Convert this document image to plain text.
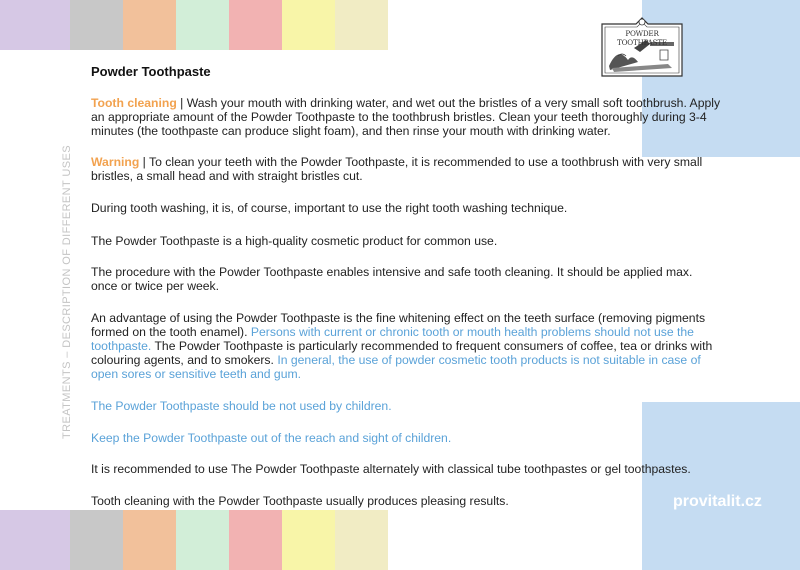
TREATMENTS – DESCRIPTION OF DIFFERENT USES
POWDER TOOTHPASTE
Powder Toothpaste
Tooth cleaning | Wash your mouth with drinking water, and wet out the bristles of a very small soft toothbrush. Apply an appropriate amount of the Powder Toothpaste to the toothbrush bristles. Clean your teeth thoroughly during 3-4 minutes (the toothpaste can produce slight foam), and then rinse your mouth with drinking water.
Warning | To clean your teeth with the Powder Toothpaste, it is recommended to use a toothbrush with very small bristles, a small head and with straight bristles cut.
During tooth washing, it is, of course, important to use the right tooth washing technique.
The Powder Toothpaste is a high-quality cosmetic product for common use.
The procedure with the Powder Toothpaste enables intensive and safe tooth cleaning. It should be applied max. once or twice per week.
An advantage of using the Powder Toothpaste is the fine whitening effect on the teeth surface (removing pigments formed on the tooth enamel). Persons with current or chronic tooth or mouth health problems should not use the toothpaste. The Powder Toothpaste is particularly recommended to frequent consumers of coffee, tea or drinks with colouring agents, and to smokers. In general, the use of powder cosmetic tooth products is not suitable in case of open sores or sensitive teeth and gum.
The Powder Toothpaste should be not used by children.
Keep the Powder Toothpaste out of the reach and sight of children.
It is recommended to use The Powder Toothpaste alternately with classical tube toothpastes or gel toothpastes.
Tooth cleaning with the Powder Toothpaste usually produces pleasing results.	provitalit.cz
